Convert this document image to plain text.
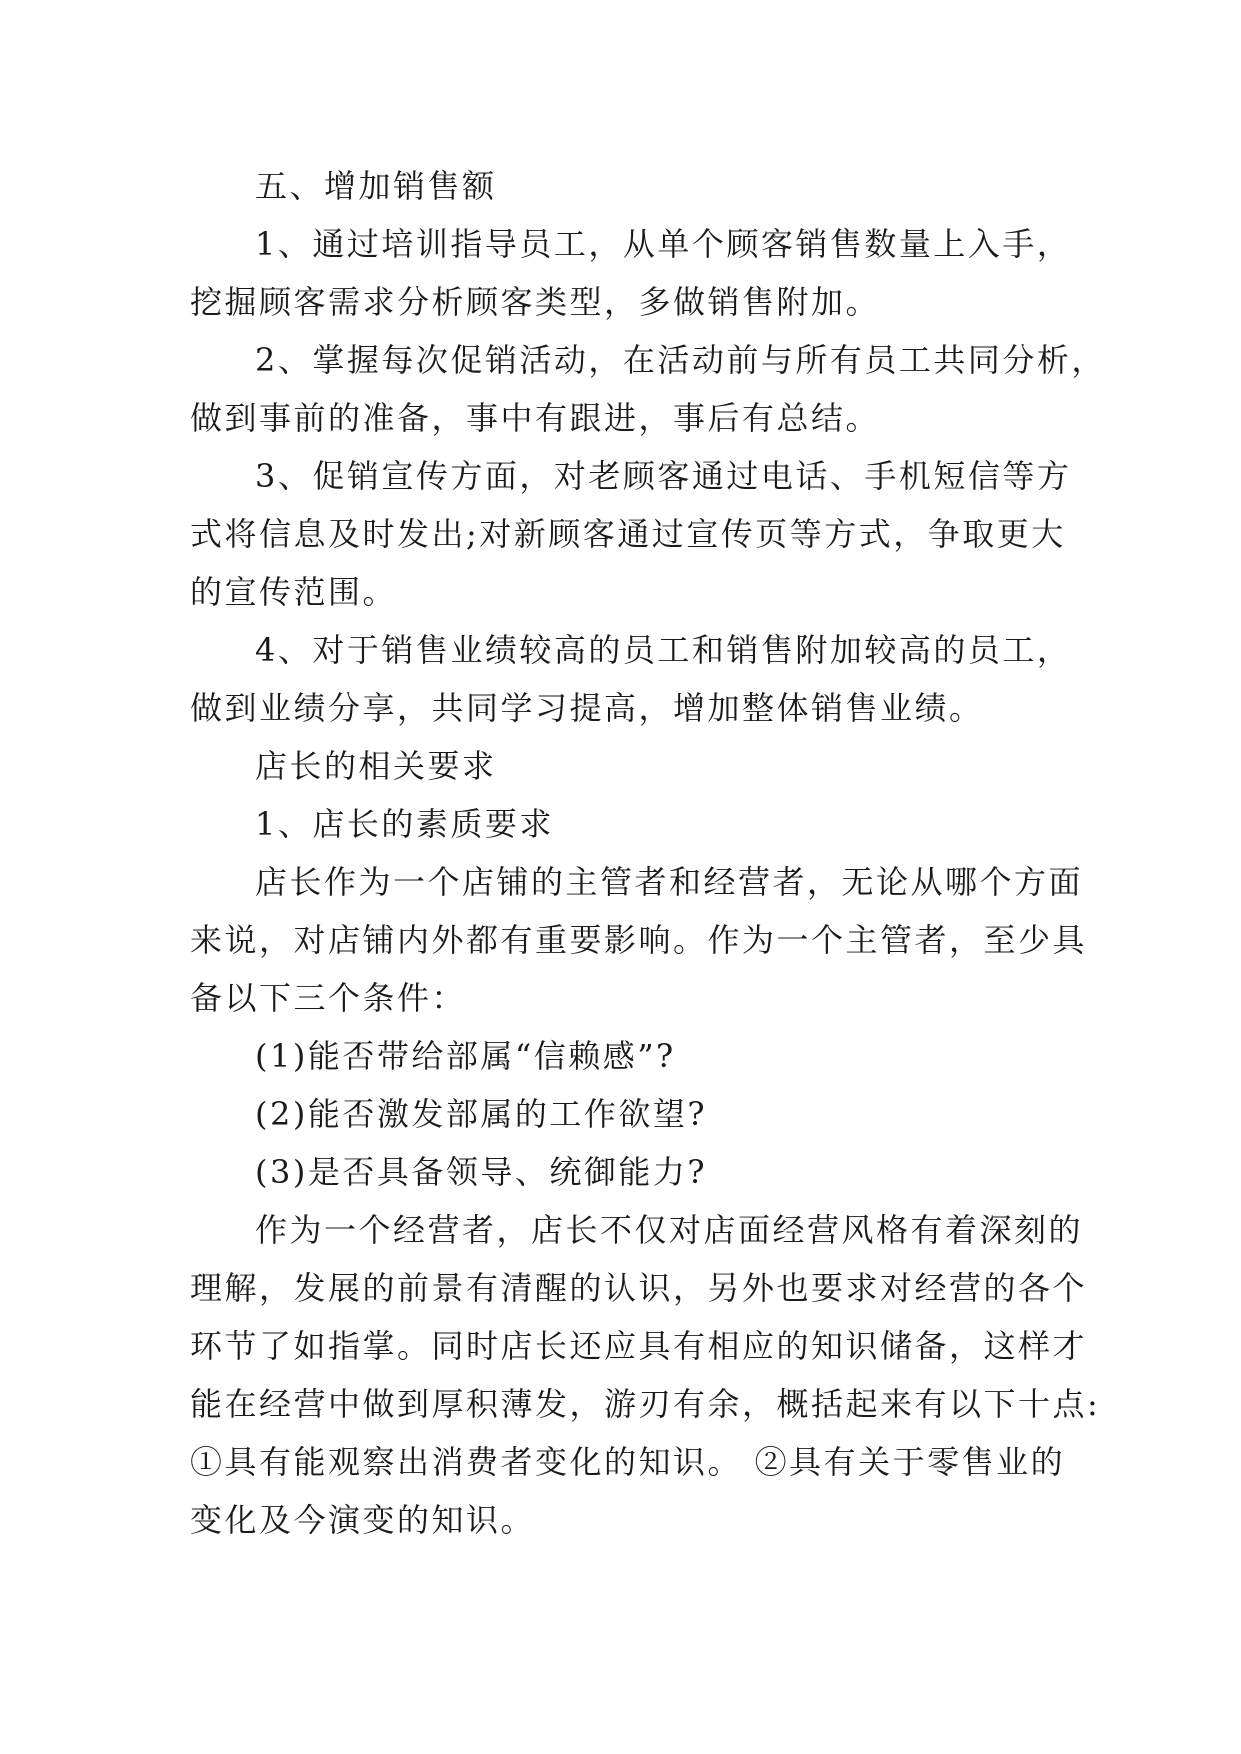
五、增加销售额
1、通过培训指导员工，从单个顾客销售数量上入手，
挖掘顾客需求分析顾客类型，多做销售附加。
2、掌握每次促销活动，在活动前与所有员工共同分析，
做到事前的准备，事中有跟进，事后有总结。
3、促销宣传方面，对老顾客通过电话、手机短信等方
式将信息及时发出;对新顾客通过宣传页等方式，争取更大
的宣传范围。
4、对于销售业绩较高的员工和销售附加较高的员工，
做到业绩分享，共同学习提高，增加整体销售业绩。
店长的相关要求
1、店长的素质要求
店长作为一个店铺的主管者和经营者，无论从哪个方面
来说，对店铺内外都有重要影响。作为一个主管者，至少具
备以下三个条件：
(1)能否带给部属“信赖感”?
(2)能否激发部属的工作欲望?
(3)是否具备领导、统御能力?
作为一个经营者，店长不仅对店面经营风格有着深刻的
理解，发展的前景有清醒的认识，另外也要求对经营的各个
环节了如指掌。同时店长还应具有相应的知识储备，这样才
能在经营中做到厚积薄发，游刃有余，概括起来有以下十点:
①具有能观察出消费者变化的知识。 ②具有关于零售业的
变化及今演变的知识。
